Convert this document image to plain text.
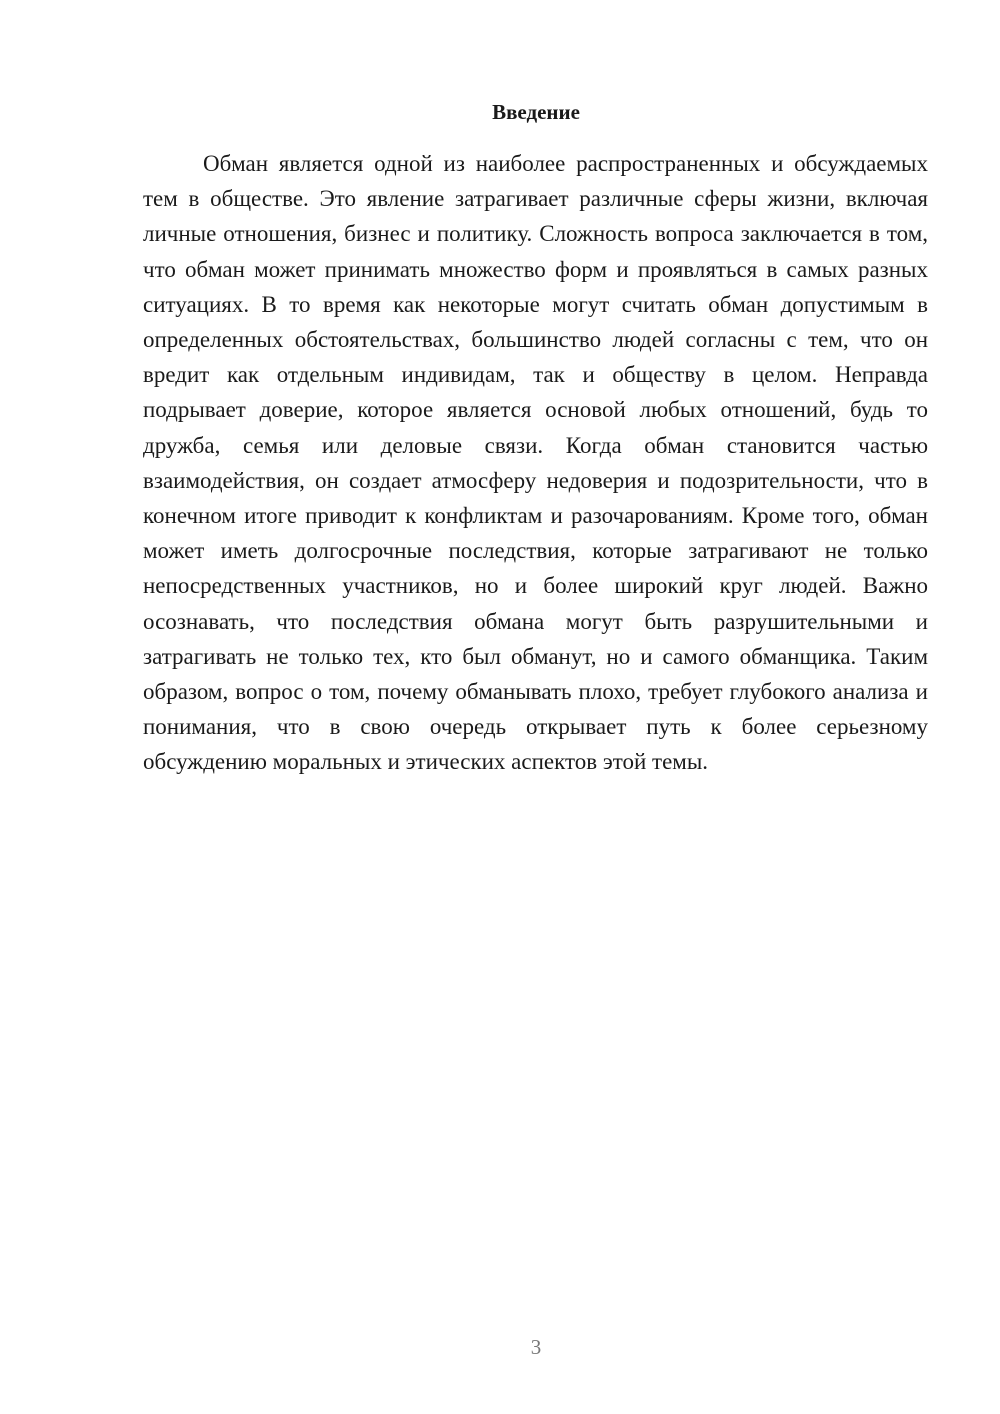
Введение

Обман является одной из наиболее распространенных и обсуждаемых тем в обществе. Это явление затрагивает различные сферы жизни, включая личные отношения, бизнес и политику. Сложность вопроса заключается в том, что обман может принимать множество форм и проявляться в самых разных ситуациях. В то время как некоторые могут считать обман допустимым в определенных обстоятельствах, большинство людей согласны с тем, что он вредит как отдельным индивидам, так и обществу в целом. Неправда подрывает доверие, которое является основой любых отношений, будь то дружба, семья или деловые связи. Когда обман становится частью взаимодействия, он создает атмосферу недоверия и подозрительности, что в конечном итоге приводит к конфликтам и разочарованиям. Кроме того, обман может иметь долгосрочные последствия, которые затрагивают не только непосредственных участников, но и более широкий круг людей. Важно осознавать, что последствия обмана могут быть разрушительными и затрагивать не только тех, кто был обманут, но и самого обманщика. Таким образом, вопрос о том, почему обманывать плохо, требует глубокого анализа и понимания, что в свою очередь открывает путь к более серьезному обсуждению моральных и этических аспектов этой темы.

3
